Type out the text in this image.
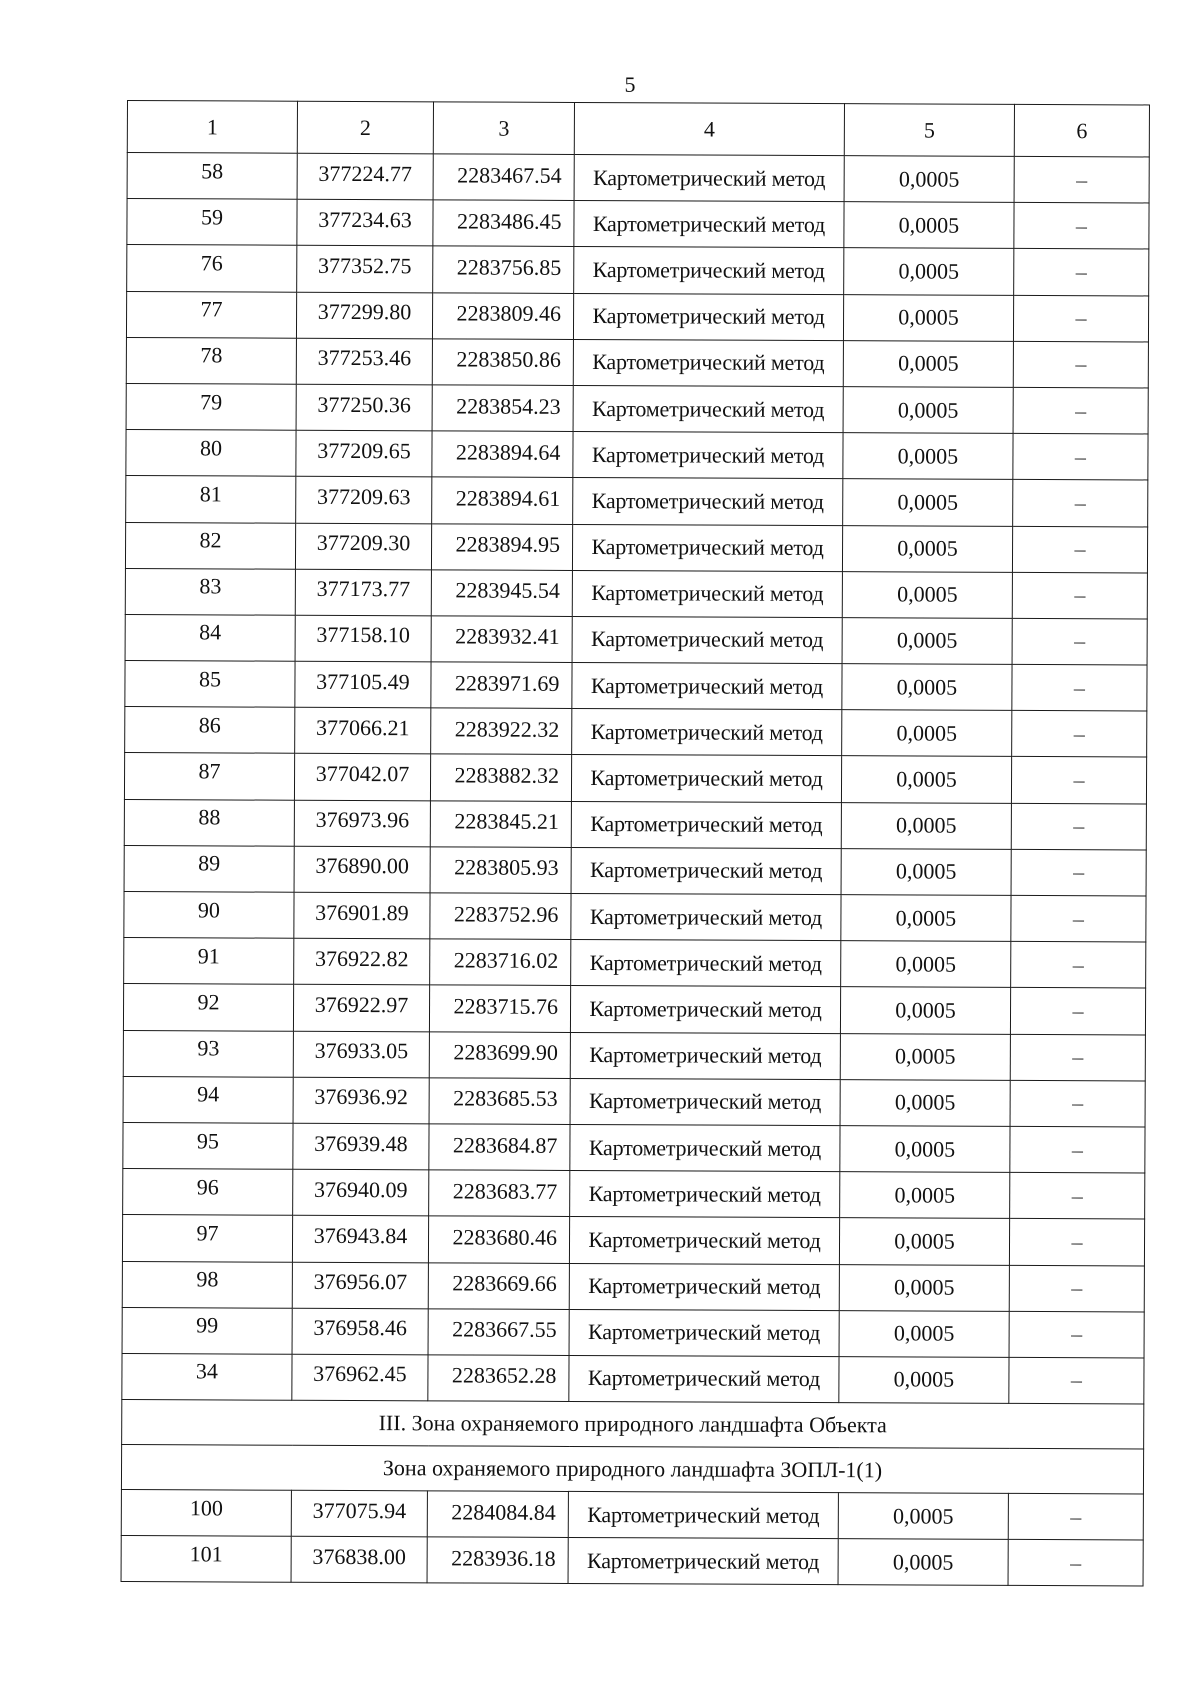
5
1	2	3	4	5	6
58	377224.77	2283467.54	Картометрический метод	0,0005	–
59	377234.63	2283486.45	Картометрический метод	0,0005	–
76	377352.75	2283756.85	Картометрический метод	0,0005	–
77	377299.80	2283809.46	Картометрический метод	0,0005	–
78	377253.46	2283850.86	Картометрический метод	0,0005	–
79	377250.36	2283854.23	Картометрический метод	0,0005	–
80	377209.65	2283894.64	Картометрический метод	0,0005	–
81	377209.63	2283894.61	Картометрический метод	0,0005	–
82	377209.30	2283894.95	Картометрический метод	0,0005	–
83	377173.77	2283945.54	Картометрический метод	0,0005	–
84	377158.10	2283932.41	Картометрический метод	0,0005	–
85	377105.49	2283971.69	Картометрический метод	0,0005	–
86	377066.21	2283922.32	Картометрический метод	0,0005	–
87	377042.07	2283882.32	Картометрический метод	0,0005	–
88	376973.96	2283845.21	Картометрический метод	0,0005	–
89	376890.00	2283805.93	Картометрический метод	0,0005	–
90	376901.89	2283752.96	Картометрический метод	0,0005	–
91	376922.82	2283716.02	Картометрический метод	0,0005	–
92	376922.97	2283715.76	Картометрический метод	0,0005	–
93	376933.05	2283699.90	Картометрический метод	0,0005	–
94	376936.92	2283685.53	Картометрический метод	0,0005	–
95	376939.48	2283684.87	Картометрический метод	0,0005	–
96	376940.09	2283683.77	Картометрический метод	0,0005	–
97	376943.84	2283680.46	Картометрический метод	0,0005	–
98	376956.07	2283669.66	Картометрический метод	0,0005	–
99	376958.46	2283667.55	Картометрический метод	0,0005	–
34	376962.45	2283652.28	Картометрический метод	0,0005	–
III. Зона охраняемого природного ландшафта Объекта					
Зона охраняемого природного ландшафта ЗОПЛ-1(1)					
100	377075.94	2284084.84	Картометрический метод	0,0005	–
101	376838.00	2283936.18	Картометрический метод	0,0005	–
